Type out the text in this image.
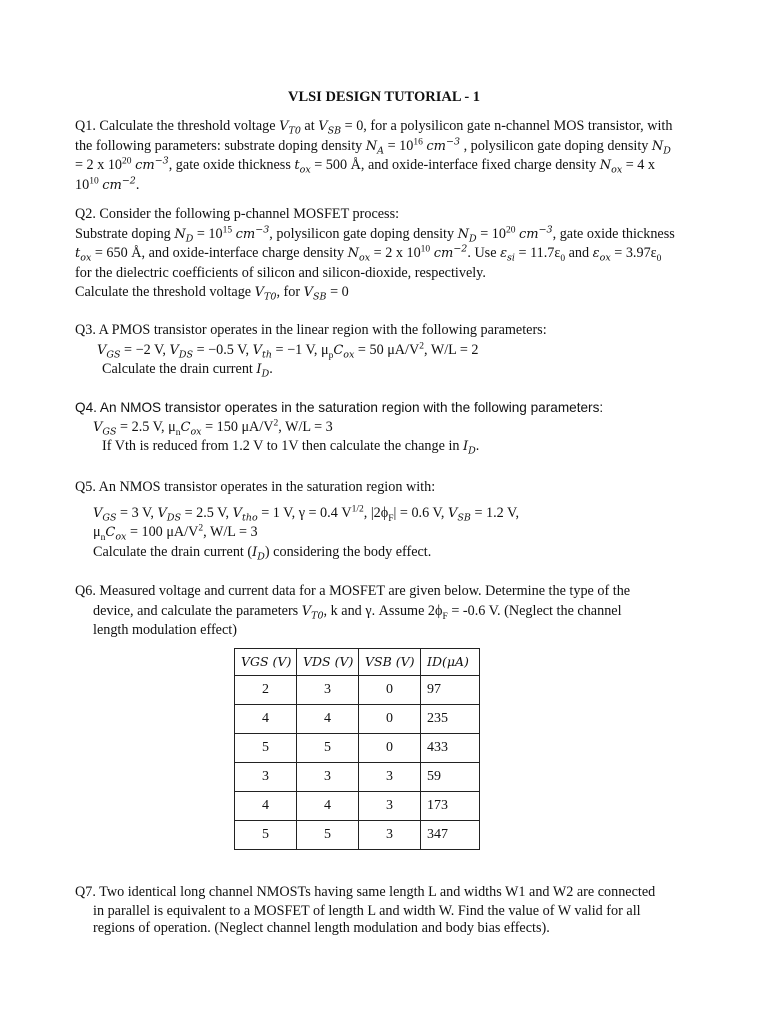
VLSI DESIGN TUTORIAL - 1
Q1. Calculate the threshold voltage $V_{T0}$ at $V_{SB} = 0$, for a polysilicon gate n-channel MOS transistor, with
the following parameters: substrate doping density $N_A = 10^{16}$ $cm^{-3}$ , polysilicon gate doping density $N_D$
= 2 x $10^{20}$ $cm^{-3}$, gate oxide thickness $t_{ox} = 500$ Å, and oxide-interface fixed charge density $N_{ox} = 4$ x
$10^{10}$ $cm^{-2}$.
Q2. Consider the following p-channel MOSFET process:
Substrate doping $N_D = 10^{15}$ $cm^{-3}$, polysilicon gate doping density $N_D = 10^{20}$ $cm^{-3}$, gate oxide thickness
$t_{ox} = 650$ Å, and oxide-interface charge density $N_{ox} = 2$ x $10^{10}$ $cm^{-2}$. Use $\varepsilon_{si} = 11.7\varepsilon_0$ and $\varepsilon_{ox} = 3.97\varepsilon_0$
for the dielectric coefficients of silicon and silicon-dioxide, respectively.
Calculate the threshold voltage $V_{T0}$, for $V_{SB} = 0$
Q3. A PMOS transistor operates in the linear region with the following parameters:
$V_{GS} = -2$ V, $V_{DS} = -0.5$ V, $V_{th} = -1$ V, $\mu_pC_{ox} = 50$ $\mu A/V^2$, W/L = 2
Calculate the drain current $I_D$.
Q4. An NMOS transistor operates in the saturation region with the following parameters:
$V_{GS} = 2.5$ V, $\mu_nC_{ox} = 150$ $\mu A/V^2$, W/L = 3
If Vth is reduced from 1.2 V to 1V then calculate the change in $I_D$.
Q5. An NMOS transistor operates in the saturation region with:
$V_{GS} = 3$ V, $V_{DS} = 2.5$ V, $V_{tho} = 1$ V, γ = 0.4 $V^{1/2}$, $|2\phi_F| = 0.6$ V, $V_{SB} = 1.2$ V,
$\mu_nC_{ox} = 100$ $\mu A/V^2$, W/L = 3
Calculate the drain current $(I_D)$ considering the body effect.
Q6. Measured voltage and current data for a MOSFET are given below. Determine the type of the
device, and calculate the parameters $V_{T0}$, k and γ. Assume $2\phi_F = -0.6$ V. (Neglect the channel
length modulation effect)
VGS (V)	VDS (V)	VSB (V)	ID(μA)
2	3	0	97
4	4	0	235
5	5	0	433
3	3	3	59
4	4	3	173
5	5	3	347
Q7. Two identical long channel NMOSTs having same length L and widths W1 and W2 are connected
in parallel is equivalent to a MOSFET of length L and width W. Find the value of W valid for all
regions of operation. (Neglect channel length modulation and body bias effects).
